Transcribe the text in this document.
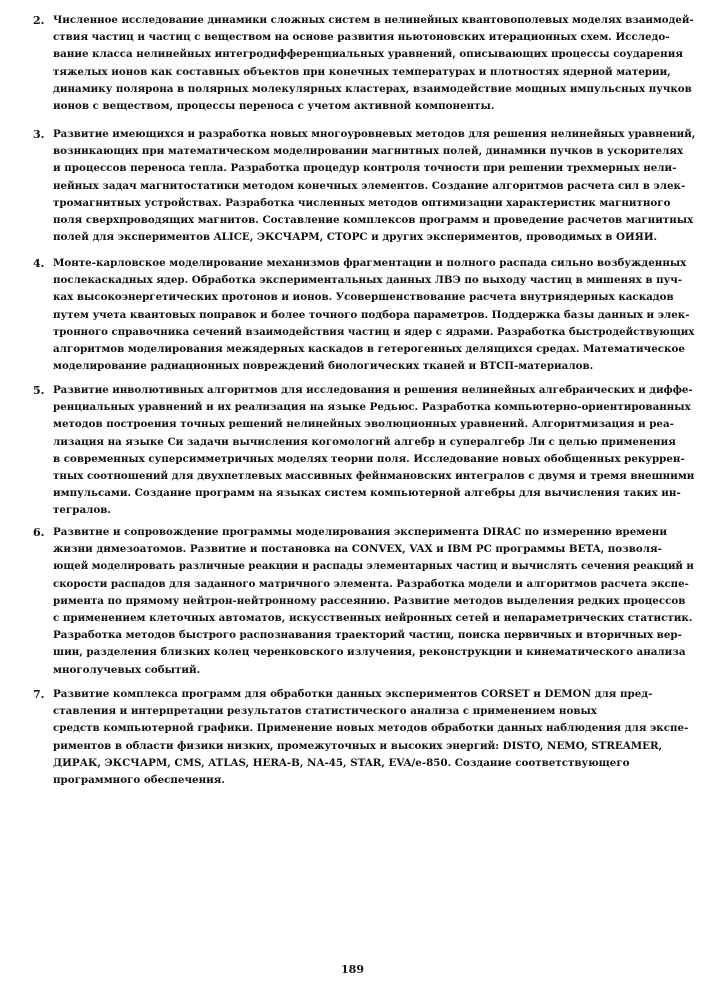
2. Численное исследование динамики сложных систем в нелинейных квантовополевых моделях взаимодей-
ствия частиц и частиц с веществом на основе развития ньютоновских итерационных схем. Исследо-
вание класса нелинейных интегродифференциальных уравнений, описывающих процессы соударения
тяжелых ионов как составных объектов при конечных температурах и плотностях ядерной материи,
динамику полярона в полярных молекулярных кластерах, взаимодействие мощных импульсных пучков
ионов с веществом, процессы переноса с учетом активной компоненты.
3. Развитие имеющихся и разработка новых многоуровневых методов для решения нелинейных уравнений,
возникающих при математическом моделировании магнитных полей, динамики пучков в ускорителях
и процессов переноса тепла. Разработка процедур контроля точности при решении трехмерных нели-
нейных задач магнитостатики методом конечных элементов. Создание алгоритмов расчета сил в элек-
тромагнитных устройствах. Разработка численных методов оптимизации характеристик магнитного
поля сверхпроводящих магнитов. Составление комплексов программ и проведение расчетов магнитных
полей для экспериментов ALICE, ЭКСЧАРМ, СТОРС и других экспериментов, проводимых в ОИЯИ.
4. Монте-карловское моделирование механизмов фрагментации и полного распада сильно возбужденных
послекаскадных ядер. Обработка экспериментальных данных ЛВЭ по выходу частиц в мишенях в пуч-
ках высокоэнергетических протонов и ионов. Усовершенствование расчета внутриядерных каскадов
путем учета квантовых поправок и более точного подбора параметров. Поддержка базы данных и элек-
тронного справочника сечений взаимодействия частиц и ядер с ядрами. Разработка быстродействующих
алгоритмов моделирования межядерных каскадов в гетерогенных делящихся средах. Математическое
моделирование радиационных повреждений биологических тканей и ВТСП-материалов.
5. Развитие инволютивных алгоритмов для исследования и решения нелинейных алгебраических и диффе-
ренциальных уравнений и их реализация на языке Редьюс. Разработка компьютерно-ориентированных
методов построения точных решений нелинейных эволюционных уравнений. Алгоритмизация и реа-
лизация на языке Си задачи вычисления когомологий алгебр и супералгебр Ли с целью применения
в современных суперсимметричных моделях теории поля. Исследование новых обобщенных рекуррен-
тных соотношений для двухпетлевых массивных фейнмановских интегралов с двумя и тремя внешними
импульсами. Создание программ на языках систем компьютерной алгебры для вычисления таких ин-
тегралов.
6. Развитие и сопровождение программы моделирования эксперимента DIRAC по измерению времени
жизни димезоатомов. Развитие и постановка на CONVEX, VAX и IBM PC программы BETA, позволя-
ющей моделировать различные реакции и распады элементарных частиц и вычислять сечения реакций и
скорости распадов для заданного матричного элемента. Разработка модели и алгоритмов расчета экспе-
римента по прямому нейтрон-нейтронному рассеянию. Развитие методов выделения редких процессов
с применением клеточных автоматов, искусственных нейронных сетей и непараметрических статистик.
Разработка методов быстрого распознавания траекторий частиц, поиска первичных и вторичных вер-
шин, разделения близких колец черенковского излучения, реконструкции и кинематического анализа
многолучевых событий.
7. Развитие комплекса программ для обработки данных экспериментов CORSET и DEMON для пред-
ставления и интерпретации результатов статистического анализа с применением новых
средств компьютерной графики. Применение новых методов обработки данных наблюдения для экспе-
риментов в области физики низких, промежуточных и высоких энергий: DISTO, NEMO, STREAMER,
ДИРАК, ЭКСЧАРМ, CMS, ATLAS, HERA-B, NA-45, STAR, EVA/e-850. Создание соответствующего
программного обеспечения.
189
